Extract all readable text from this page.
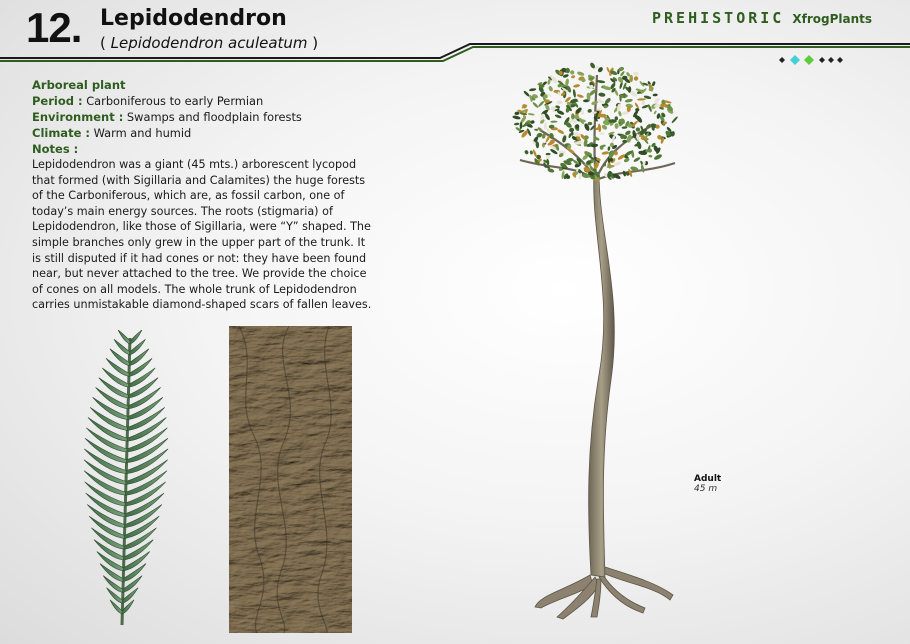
12. Lepidodendron
( Lepidodendron aculeatum )
PREHISTORIC XfrogPlants

Arboreal plant

Period : Carboniferous to early Permian

Environment : Swamps and floodplain forests

Climate : Warm and humid

Notes :

Lepidodendron was a giant (45 mts.) arborescent lycopod that formed (with Sigillaria and Calamites) the huge forests of the Carboniferous, which are, as fossil carbon, one of today’s main energy sources. The roots (stigmaria) of Lepidodendron, like those of Sigillaria, were “Y” shaped. The simple branches only grew in the upper part of the trunk. It is still disputed if it had cones or not: they have been found near, but never attached to the tree. We provide the choice of cones on all models. The whole trunk of Lepidodendron carries unmistakable diamond-shaped scars of fallen leaves.

Adult
45 m
